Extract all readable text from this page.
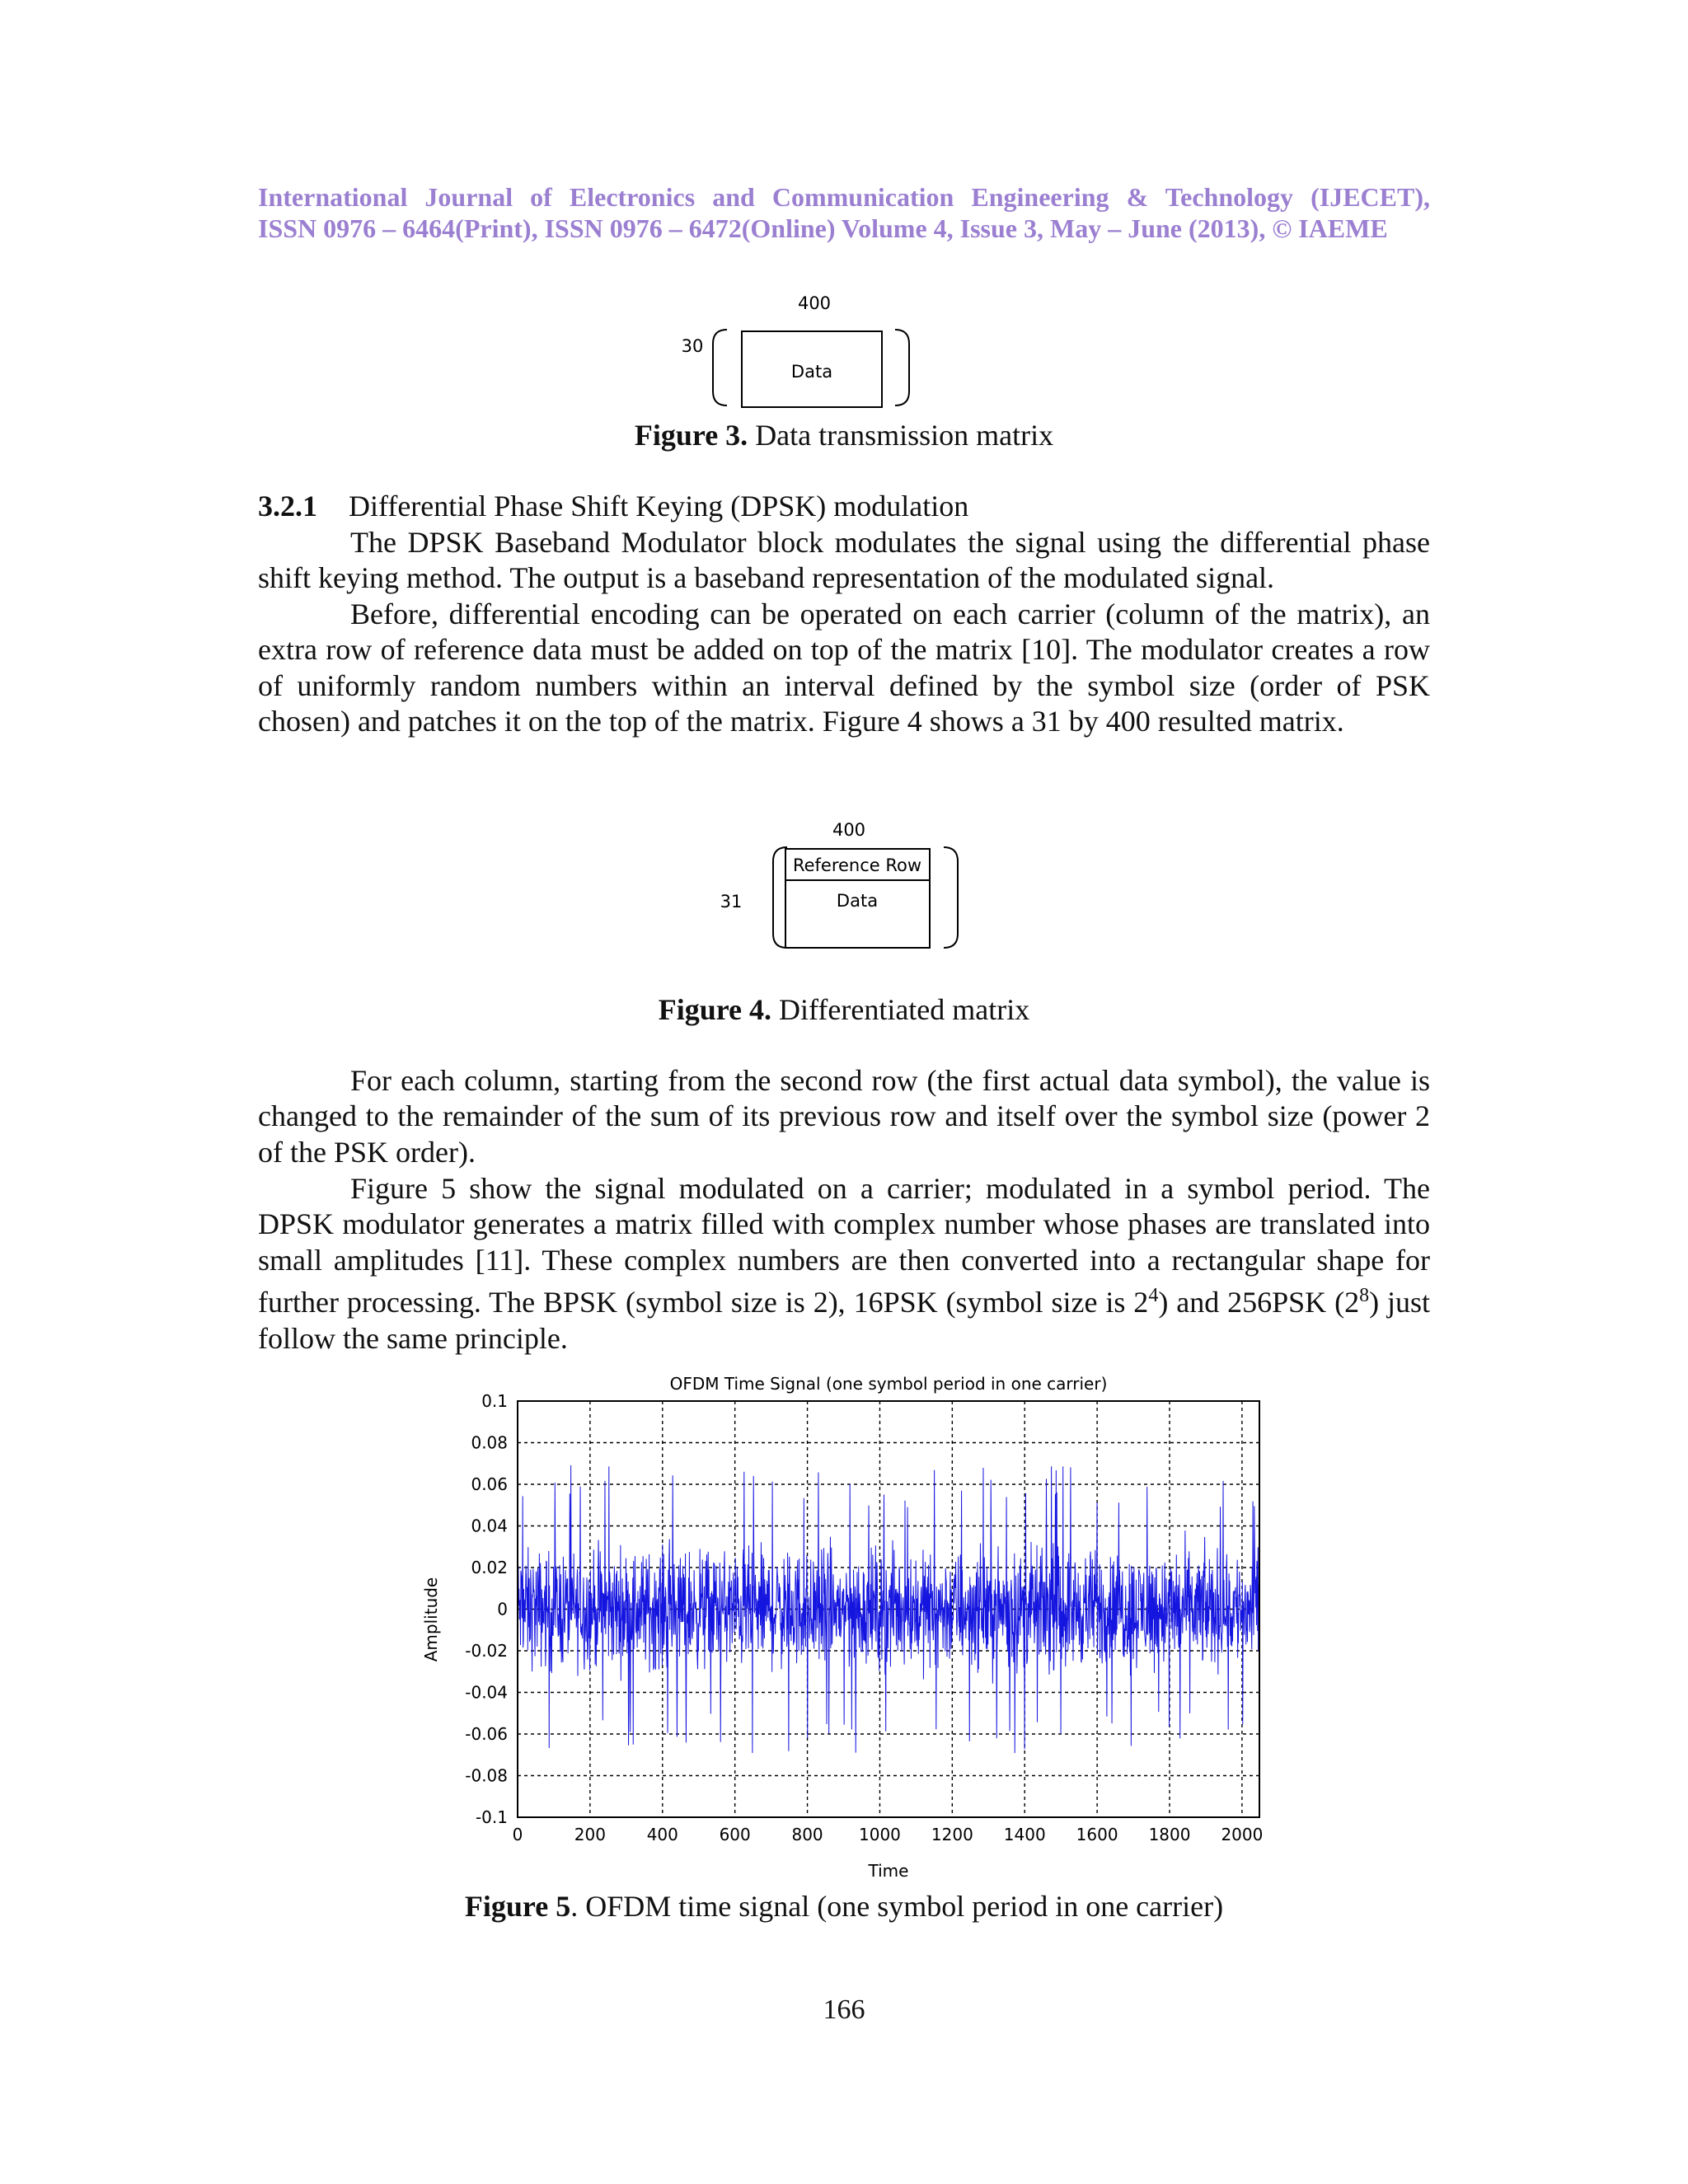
International Journal of Electronics and Communication Engineering & Technology (IJECET),
ISSN 0976 – 6464(Print), ISSN 0976 – 6472(Online) Volume 4, Issue 3, May – June (2013), © IAEME
400
30
Data
Figure 3. Data transmission matrix
3.2.1 Differential Phase Shift Keying (DPSK) modulation

The DPSK Baseband Modulator block modulates the signal using the differential phase shift keying method. The output is a baseband representation of the modulated signal.

Before, differential encoding can be operated on each carrier (column of the matrix), an extra row of reference data must be added on top of the matrix [10]. The modulator creates a row of uniformly random numbers within an interval defined by the symbol size (order of PSK chosen) and patches it on the top of the matrix. Figure 4 shows a 31 by 400 resulted matrix.

400
31
Reference Row
Data
Figure 4. Differentiated matrix

For each column, starting from the second row (the first actual data symbol), the value is changed to the remainder of the sum of its previous row and itself over the symbol size (power 2 of the PSK order).

Figure 5 show the signal modulated on a carrier; modulated in a symbol period. The DPSK modulator generates a matrix filled with complex number whose phases are translated into small amplitudes [11]. These complex numbers are then converted into a rectangular shape for further processing. The BPSK (symbol size is 2), 16PSK (symbol size is $2^4$) and 256PSK $(2^8)$ just follow the same principle.

OFDM Time Signal (one symbol period in one carrier)
Time
Amplitude
0	200 400 600 800 1000 1200 1400 1600 1800 2000
0.1
0.08
0.06
0.04
0.02
0
-0.02
-0.04
-0.06
-0.08
-0.1
Figure 5. OFDM time signal (one symbol period in one carrier)
166
